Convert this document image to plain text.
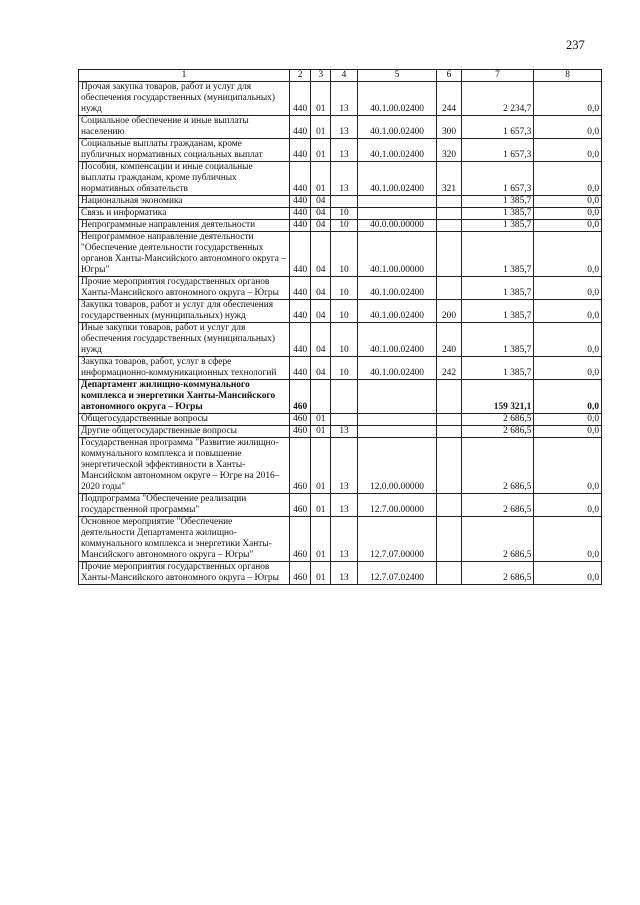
237
1	2	3	4	5	6	7	8
Прочая закупка товаров, работ и услуг для обеспечения государственных (муниципальных) нужд	440	01	13	40.1.00.02400	244	2 234,7	0,0
Социальное обеспечение и иные выплаты населению	440	01	13	40.1.00.02400	300	1 657,3	0,0
Социальные выплаты гражданам, кроме публичных нормативных социальных выплат	440	01	13	40.1.00.02400	320	1 657,3	0,0
Пособия, компенсации и иные социальные выплаты гражданам, кроме публичных нормативных обязательств	440	01	13	40.1.00.02400	321	1 657,3	0,0
Национальная экономика	440	04				1 385,7	0,0
Связь и информатика	440	04	10			1 385,7	0,0
Непрограммные направления деятельности	440	04	10	40.0.00.00000		1 385,7	0,0
Непрограммное направление деятельности "Обеспечение деятельности государственных органов Ханты-Мансийского автономного округа – Югры"	440	04	10	40.1.00.00000		1 385,7	0,0
Прочие мероприятия государственных органов Ханты-Мансийского автономного округа – Югры	440	04	10	40.1.00.02400		1 385,7	0,0
Закупка товаров, работ и услуг для обеспечения государственных (муниципальных) нужд	440	04	10	40.1.00.02400	200	1 385,7	0,0
Иные закупки товаров, работ и услуг для обеспечения государственных (муниципальных) нужд	440	04	10	40.1.00.02400	240	1 385,7	0,0
Закупка товаров, работ, услуг в сфере информационно-коммуникационных технологий	440	04	10	40.1.00.02400	242	1 385,7	0,0
Департамент жилищно-коммунального комплекса и энергетики Ханты-Мансийского автономного округа – Югры	460					159 321,1	0,0
Общегосударственные вопросы	460	01				2 686,5	0,0
Другие общегосударственные вопросы	460	01	13			2 686,5	0,0
Государственная программа "Развитие жилищно-коммунального комплекса и повышение энергетической эффективности в Ханты-Мансийском автономном округе – Югре на 2016–2020 годы"	460	01	13	12.0.00.00000		2 686,5	0,0
Подпрограмма "Обеспечение реализации государственной программы"	460	01	13	12.7.00.00000		2 686,5	0,0
Основное мероприятие "Обеспечение деятельности Департамента жилищно-коммунального комплекса и энергетики Ханты-Мансийского автономного округа – Югры"	460	01	13	12.7.07.00000		2 686,5	0,0
Прочие мероприятия государственных органов Ханты-Мансийского автономного округа – Югры	460	01	13	12.7.07.02400		2 686,5	0,0
